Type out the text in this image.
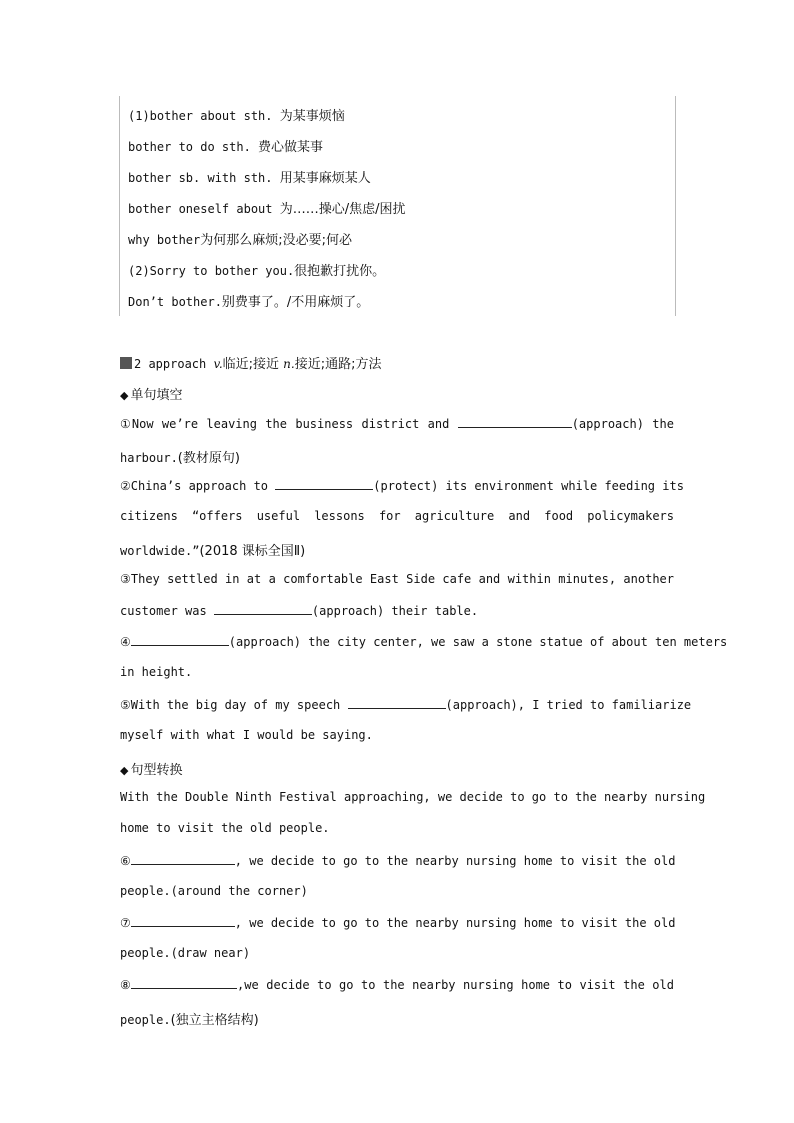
(1)bother about sth. 为某事烦恼
bother to do sth. 费心做某事
bother sb. with sth. 用某事麻烦某人
bother oneself about 为……操心/焦虑/困扰
why bother为何那么麻烦;没必要;何必
(2)Sorry to bother you.很抱歉打扰你。
Don’t bother.别费事了。/不用麻烦了。
2 approach v.临近;接近 n.接近;通路;方法
◆ 单句填空
①Now we’re leaving the business district and	(approach) the
harbour.(教材原句)
②China’s approach to	(protect) its environment while feeding its
citizens “offers useful lessons for agriculture and food policymakers
worldwide.”(2018 课标全国Ⅱ)
③They settled in at a comfortable East Side cafe and within minutes, another
customer was	(approach) their table.
④	(approach) the city center, we saw a stone statue of about ten meters
in height.
⑤With the big day of my speech	(approach), I tried to familiarize
myself with what I would be saying.
◆ 句型转换
With the Double Ninth Festival approaching, we decide to go to the nearby nursing
home to visit the old people.
⑥	, we decide to go to the nearby nursing home to visit the old
people.(around the corner)
⑦	, we decide to go to the nearby nursing home to visit the old
people.(draw near)
⑧	,we decide to go to the nearby nursing home to visit the old
people.(独立主格结构)
